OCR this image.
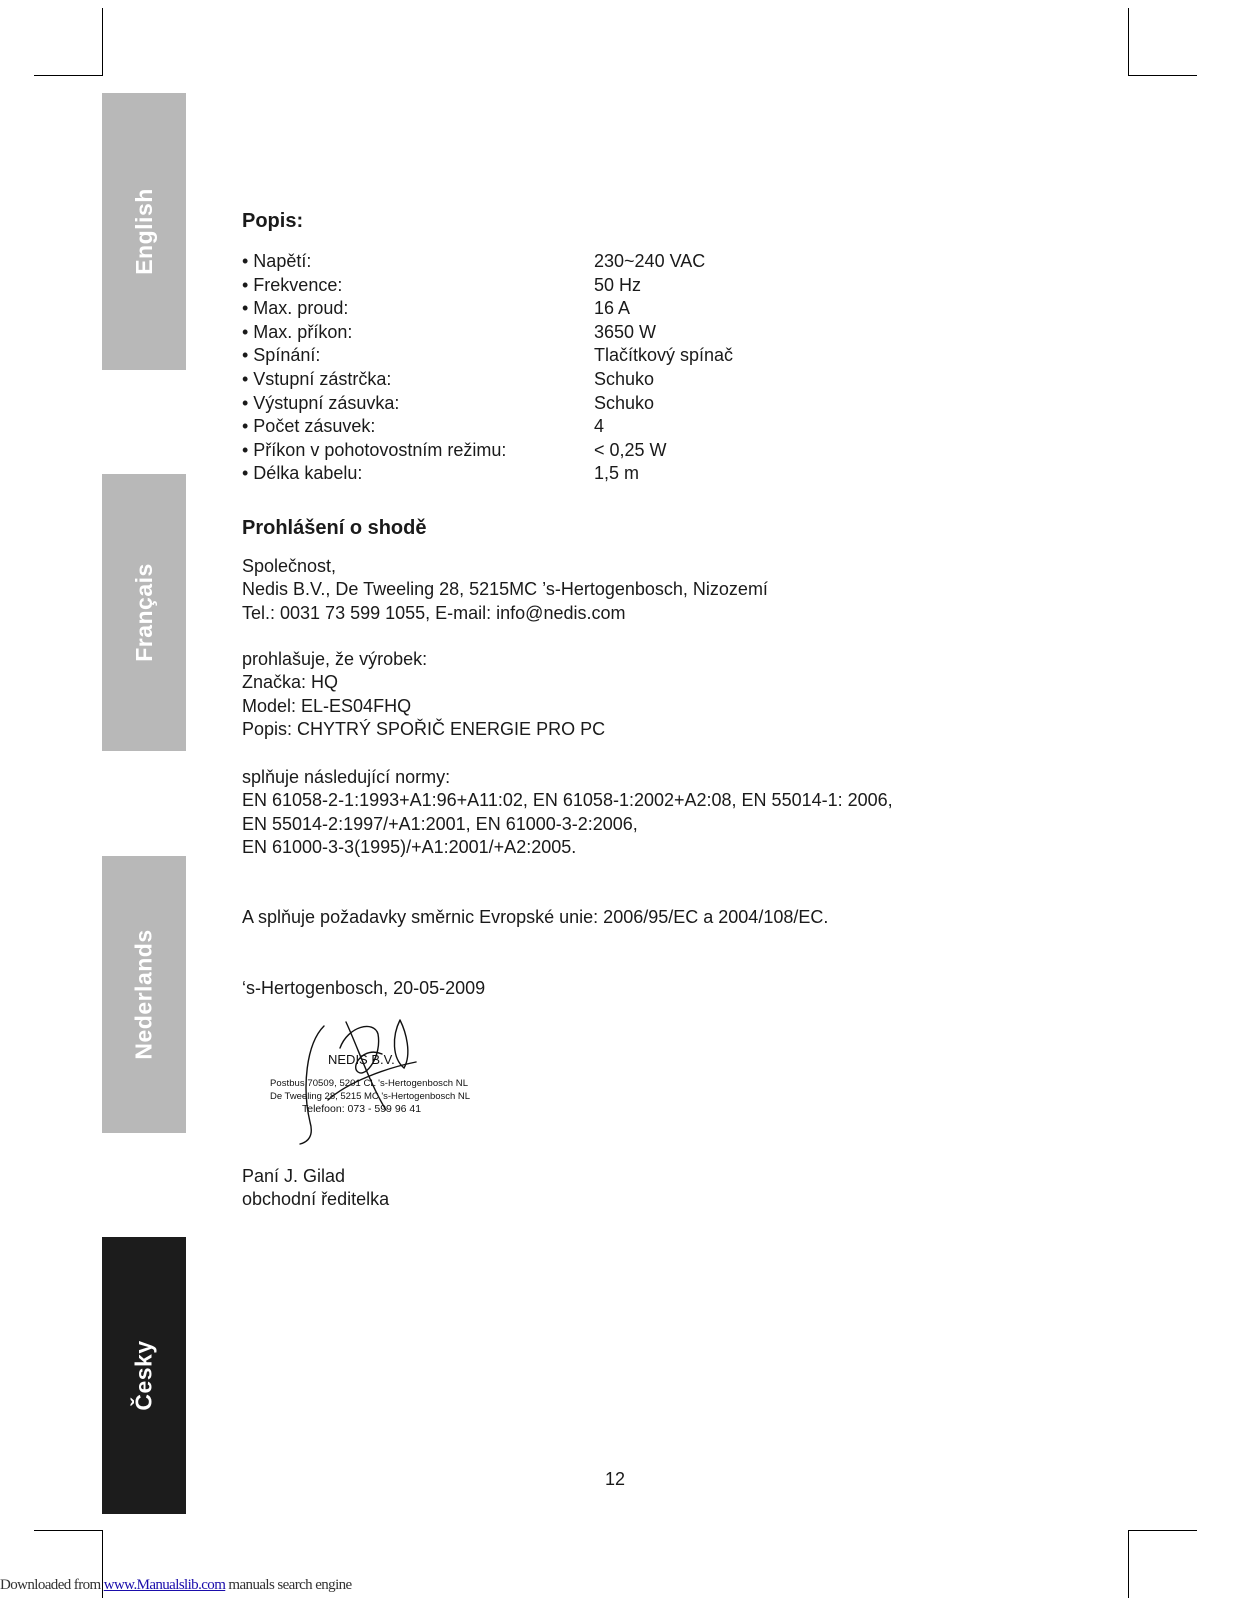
English
Français
Nederlands
Česky
Popis:
• Napětí:	230~240 VAC
• Frekvence:	50 Hz
• Max. proud:	16 A
• Max. příkon:	3650 W
• Spínání:	Tlačítkový spínač
• Vstupní zástrčka:	Schuko
• Výstupní zásuvka:	Schuko
• Počet zásuvek:	4
• Příkon v pohotovostním režimu:	< 0,25 W
• Délka kabelu:	1,5 m
Prohlášení o shodě
Společnost,
Nedis B.V., De Tweeling 28, 5215MC ’s-Hertogenbosch, Nizozemí
Tel.: 0031 73 599 1055, E-mail: info@nedis.com
prohlašuje, že výrobek:
Značka: HQ
Model: EL-ES04FHQ
Popis: CHYTRÝ SPOŘIČ ENERGIE PRO PC
splňuje následující normy:
EN 61058-2-1:1993+A1:96+A11:02, EN 61058-1:2002+A2:08, EN 55014-1: 2006,
EN 55014-2:1997/+A1:2001, EN 61000-3-2:2006,
EN 61000-3-3(1995)/+A1:2001/+A2:2005.
A splňuje požadavky směrnic Evropské unie: 2006/95/EC a 2004/108/EC.
‘s-Hertogenbosch, 20-05-2009
NEDIS B.V.
Postbus 70509, 5201 CL 's-Hertogenbosch NL
De Tweeling 28, 5215 MC 's-Hertogenbosch NL
Telefoon: 073 - 599 96 41
Paní J. Gilad
obchodní ředitelka
12
Downloaded from www.Manualslib.com manuals search engine
